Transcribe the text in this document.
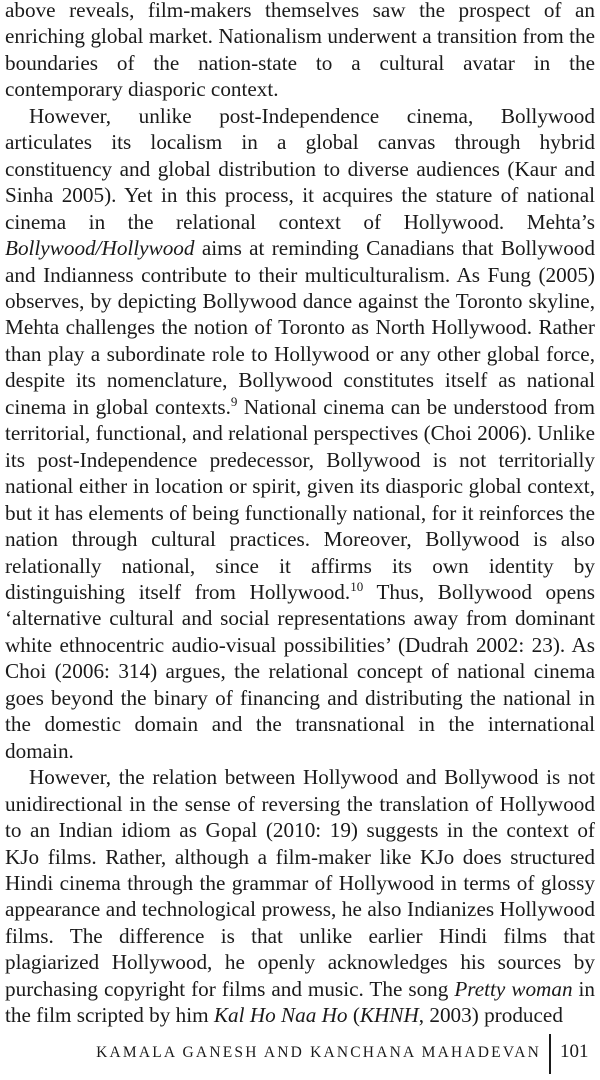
above reveals, film-makers themselves saw the prospect of an enriching global market. Nationalism underwent a transition from the boundaries of the nation-state to a cultural avatar in the contemporary diasporic context.

However, unlike post-Independence cinema, Bollywood articulates its localism in a global canvas through hybrid constituency and global distribution to diverse audiences (Kaur and Sinha 2005). Yet in this process, it acquires the stature of national cinema in the relational context of Hollywood. Mehta’s Bollywood/Hollywood aims at reminding Canadians that Bollywood and Indianness contribute to their multiculturalism. As Fung (2005) observes, by depicting Bollywood dance against the Toronto skyline, Mehta challenges the notion of Toronto as North Hollywood. Rather than play a subordinate role to Hollywood or any other global force, despite its nomenclature, Bollywood constitutes itself as national cinema in global contexts.$^9$ National cinema can be understood from territorial, functional, and relational perspectives (Choi 2006). Unlike its post-Independence predecessor, Bollywood is not territorially national either in location or spirit, given its diasporic global context, but it has elements of being functionally national, for it reinforces the nation through cultural practices. Moreover, Bollywood is also relationally national, since it affirms its own identity by distinguishing itself from Hollywood.$^{10}$ Thus, Bollywood opens ‘alternative cultural and social representations away from dominant white ethnocentric audio-visual possibilities’ (Dudrah 2002: 23). As Choi (2006: 314) argues, the relational concept of national cinema goes beyond the binary of financing and distributing the national in the domestic domain and the transnational in the international domain.

However, the relation between Hollywood and Bollywood is not unidirectional in the sense of reversing the translation of Hollywood to an Indian idiom as Gopal (2010: 19) suggests in the context of KJo films. Rather, although a film-maker like KJo does structured Hindi cinema through the grammar of Hollywood in terms of glossy appearance and technological prowess, he also Indianizes Hollywood films. The difference is that unlike earlier Hindi films that plagiarized Hollywood, he openly acknowledges his sources by purchasing copyright for films and music. The song Pretty woman in the film scripted by him Kal Ho Naa Ho (KHNH, 2003) produced

KAMALA GANESH AND KANCHANA MAHADEVAN 101
